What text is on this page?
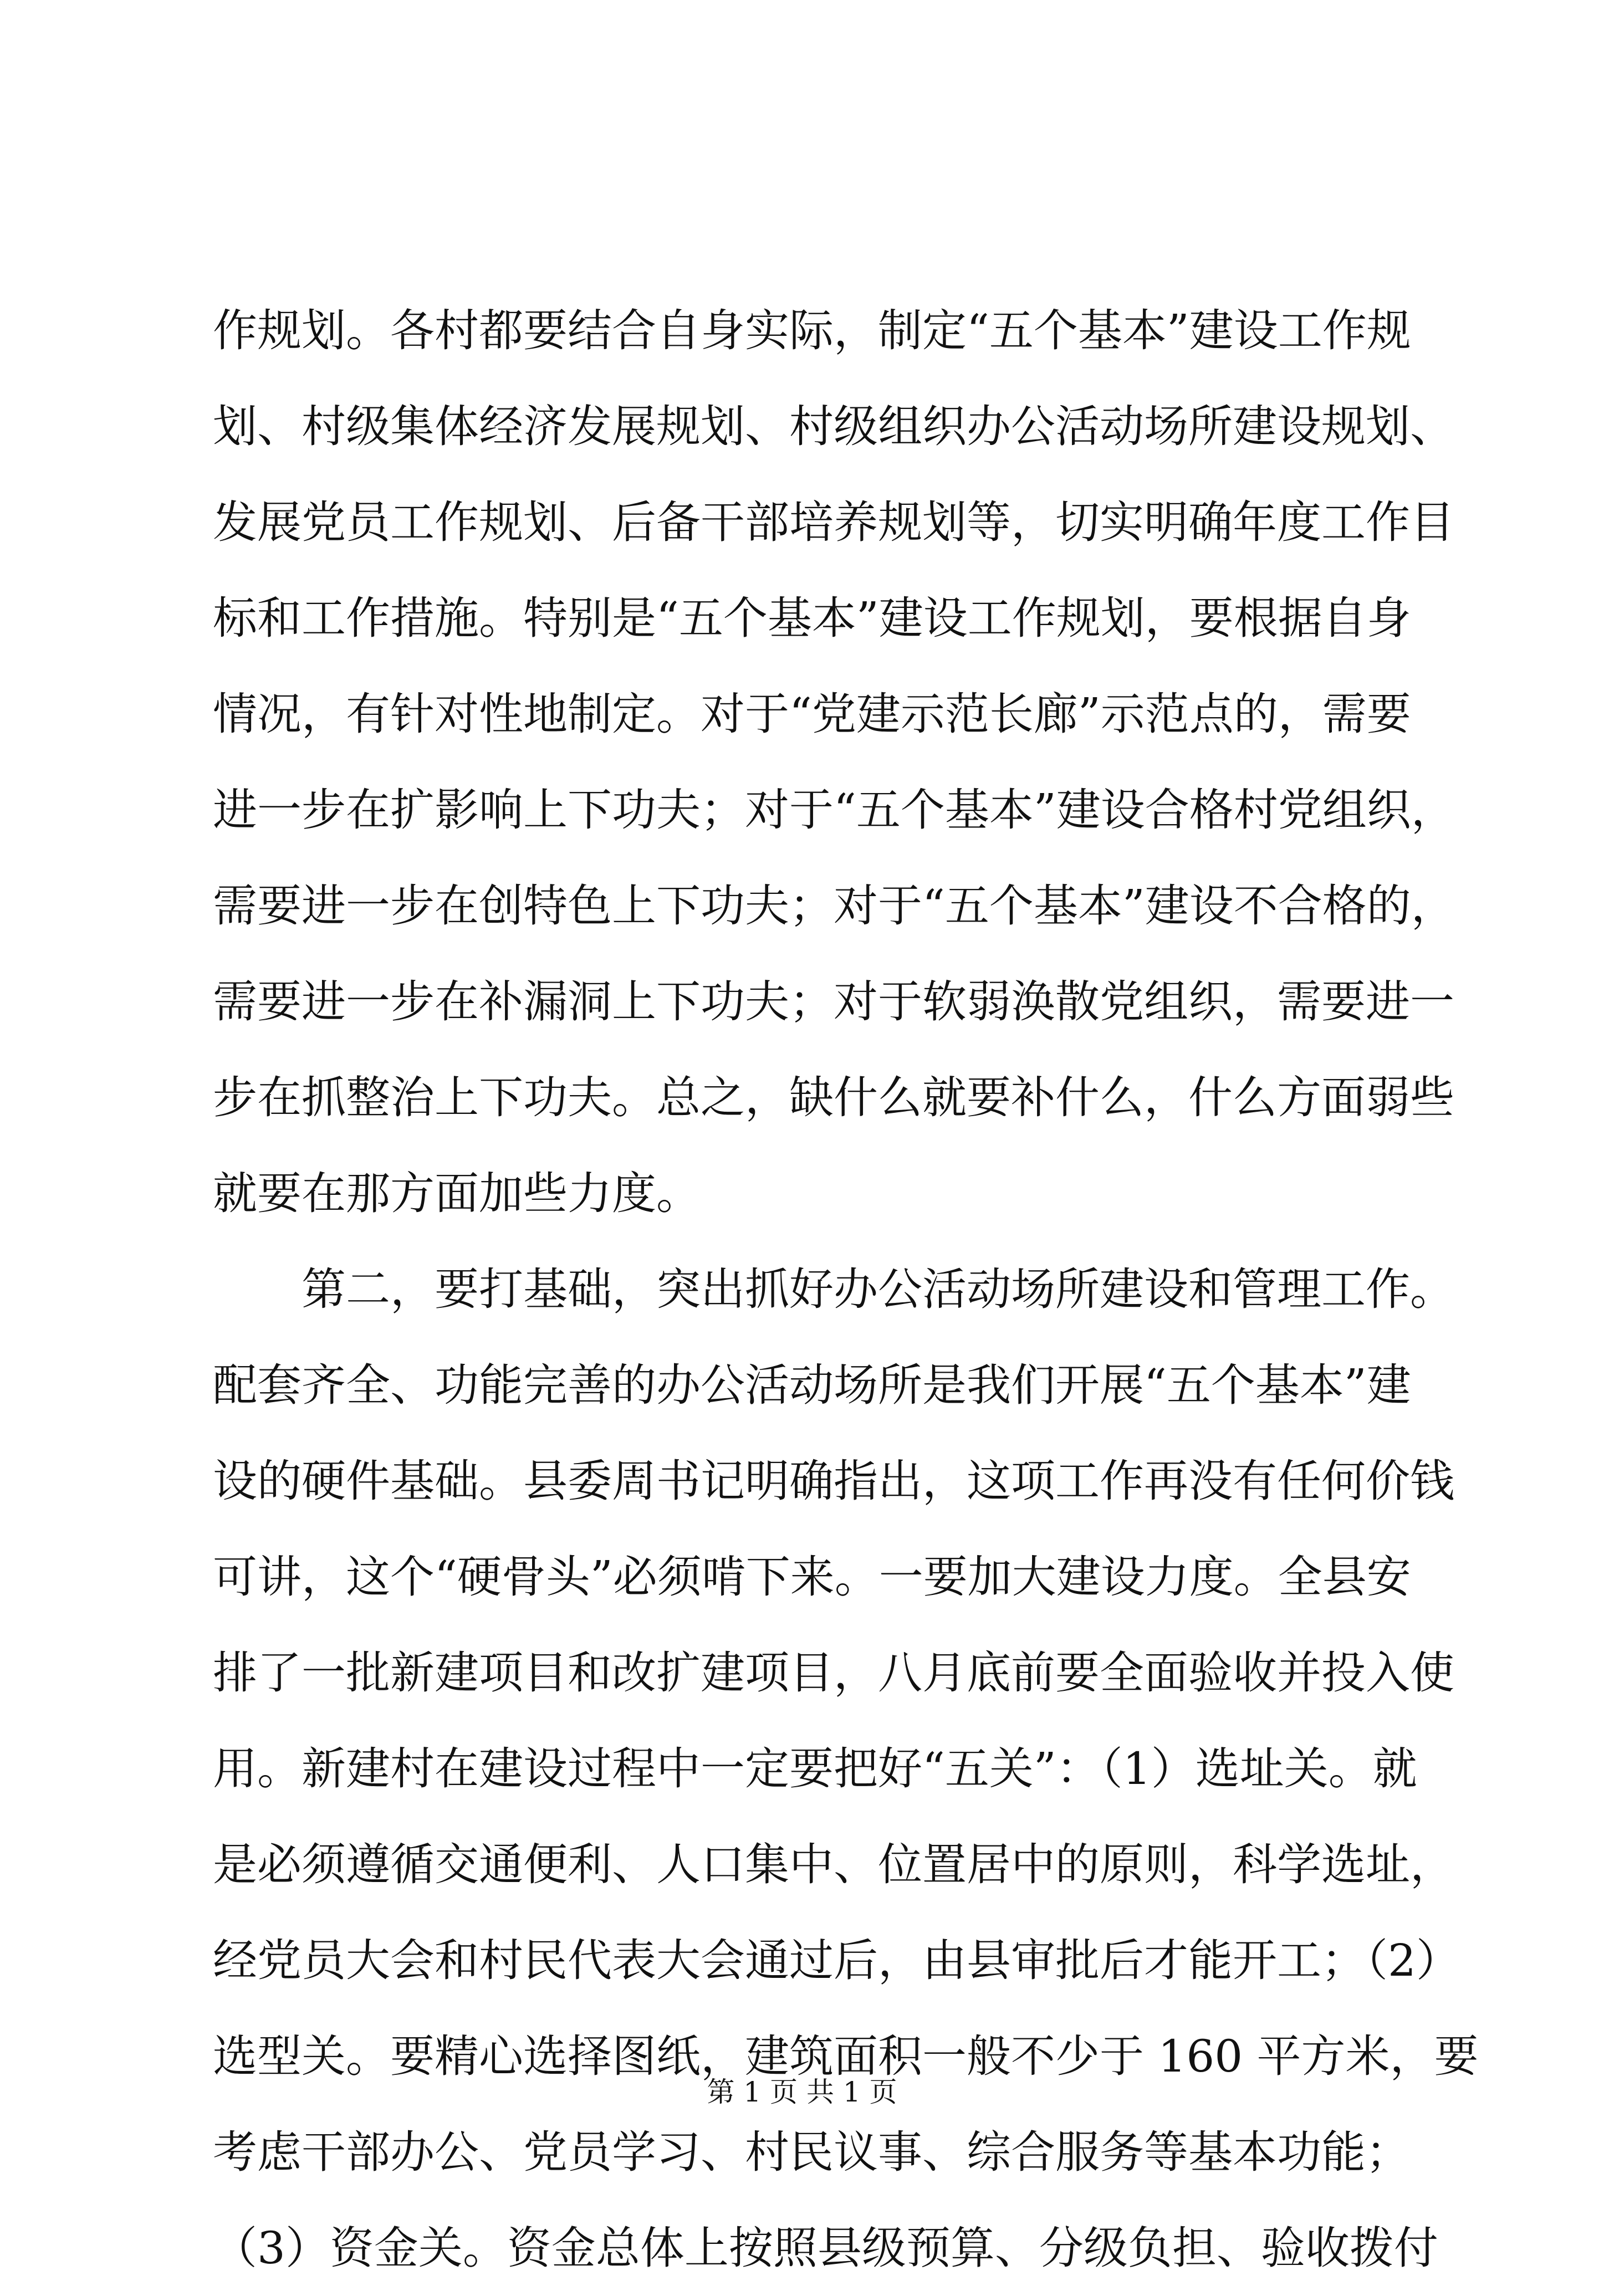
作规划。各村都要结合自身实际，制定“五个基本”建设工作规
划、村级集体经济发展规划、村级组织办公活动场所建设规划、
发展党员工作规划、后备干部培养规划等，切实明确年度工作目
标和工作措施。特别是“五个基本”建设工作规划，要根据自身
情况，有针对性地制定。对于“党建示范长廊”示范点的，需要
进一步在扩影响上下功夫；对于“五个基本”建设合格村党组织，
需要进一步在创特色上下功夫；对于“五个基本”建设不合格的，
需要进一步在补漏洞上下功夫；对于软弱涣散党组织，需要进一
步在抓整治上下功夫。总之，缺什么就要补什么，什么方面弱些
就要在那方面加些力度。
第二，要打基础，突出抓好办公活动场所建设和管理工作。
配套齐全、功能完善的办公活动场所是我们开展“五个基本”建
设的硬件基础。县委周书记明确指出，这项工作再没有任何价钱
可讲，这个“硬骨头”必须啃下来。一要加大建设力度。全县安
排了一批新建项目和改扩建项目，八月底前要全面验收并投入使
用。新建村在建设过程中一定要把好“五关”：（1）选址关。就
是必须遵循交通便利、人口集中、位置居中的原则，科学选址，
经党员大会和村民代表大会通过后，由县审批后才能开工；（2）
选型关。要精心选择图纸，建筑面积一般不少于 160 平方米，要
考虑干部办公、党员学习、村民议事、综合服务等基本功能；
（3）资金关。资金总体上按照县级预算、分级负担、验收拨付
第 1 页 共 1 页
